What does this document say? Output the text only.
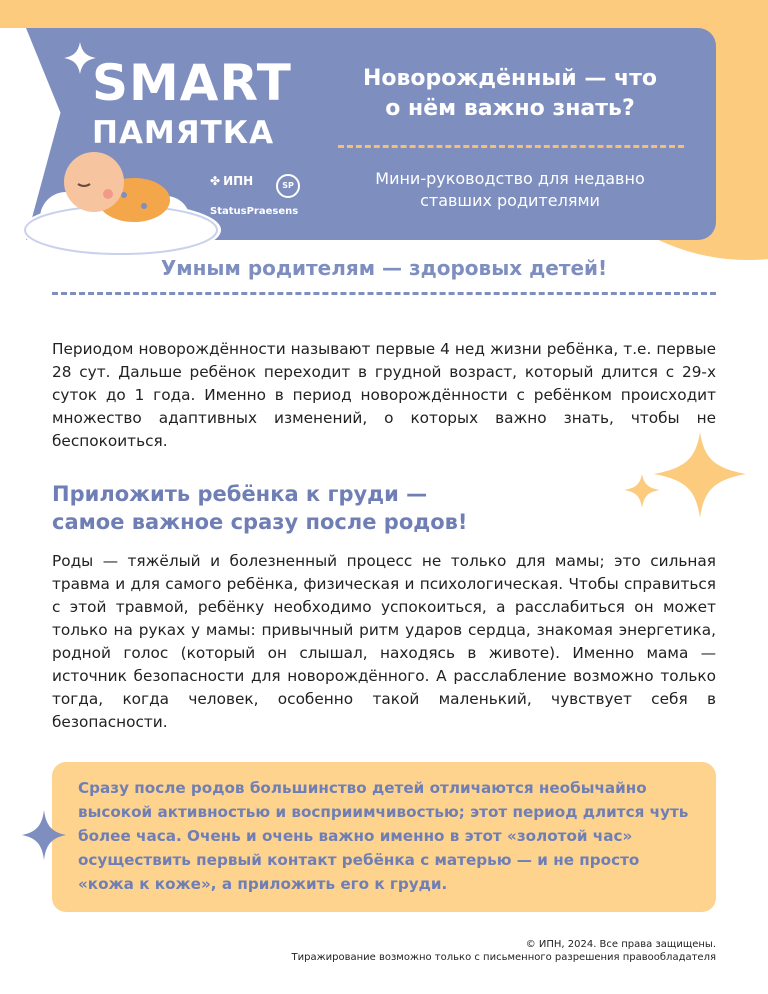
SMART
ПАМЯТКА
✤ ИПН	SP
StatusPraesens
Новорождённый — что
о нём важно знать?
Мини-руководство для недавно
ставших родителями
Умным родителям — здоровых детей!
Периодом новорождённости называют первые 4 нед жизни ребёнка, т.е. первые 28 сут. Дальше ребёнок переходит в грудной возраст, который длится с 29-х суток до 1 года. Именно в период новорождённости с ребёнком происходит множество адаптивных изменений, о которых важно знать, чтобы не беспокоиться.
Приложить ребёнка к груди —
самое важное сразу после родов!
Роды — тяжёлый и болезненный процесс не только для мамы; это сильная травма и для самого ребёнка, физическая и психологическая. Чтобы справиться с этой травмой, ребёнку необходимо успокоиться, а расслабиться он может только на руках у мамы: привычный ритм ударов сердца, знакомая энергетика, родной голос (который он слышал, находясь в животе). Именно мама — источник безопасности для новорождённого. А расслабление возможно только тогда, когда человек, особенно такой маленький, чувствует себя в безопасности.
Сразу после родов большинство детей отличаются необычайно высокой активностью и восприимчивостью; этот период длится чуть более часа. Очень и очень важно именно в этот «золотой час» осуществить первый контакт ребёнка с матерью — и не просто «кожа к коже», а приложить его к груди.
© ИПН, 2024. Все права защищены.
Тиражирование возможно только с письменного разрешения правообладателя
